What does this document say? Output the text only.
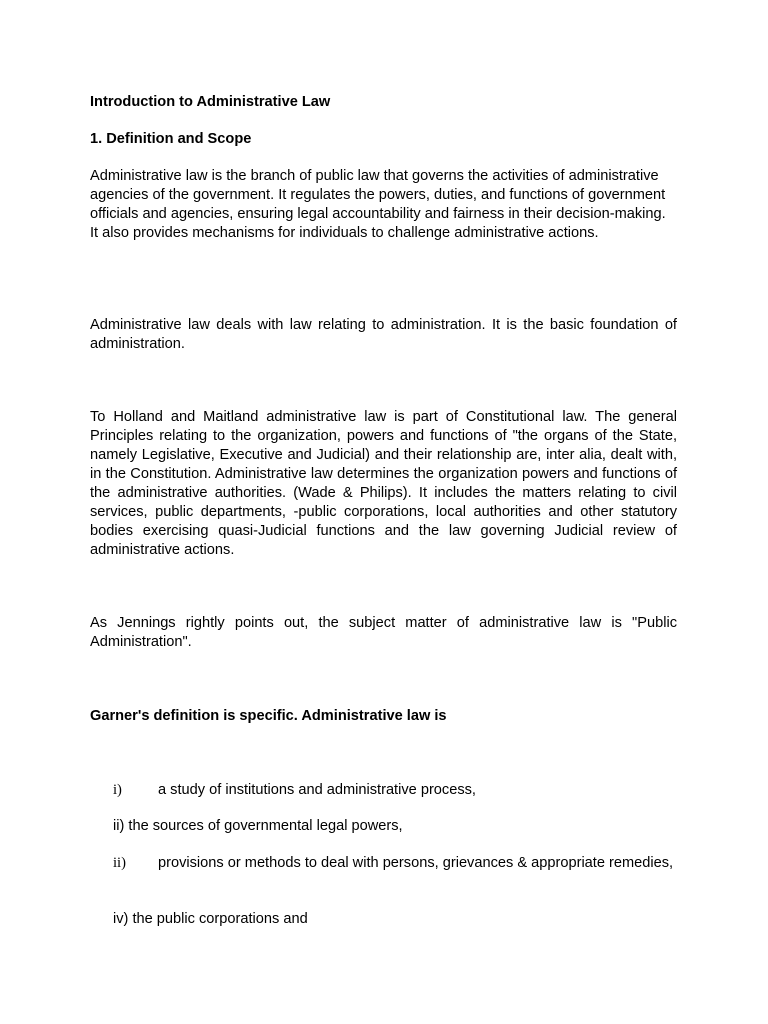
Introduction to Administrative Law
1. Definition and Scope

Administrative law is the branch of public law that governs the activities of administrative agencies of the government. It regulates the powers, duties, and functions of government officials and agencies, ensuring legal accountability and fairness in their decision-making. It also provides mechanisms for individuals to challenge administrative actions.

Administrative law deals with law relating to administration. It is the basic foundation of administration.

To Holland and Maitland administrative law is part of Constitutional law. The general Principles relating to the organization, powers and functions of "the organs of the State, namely Legislative, Executive and Judicial) and their relationship are, inter alia, dealt with, in the Constitution. Administrative law determines the organization powers and functions of the administrative authorities. (Wade & Philips). It includes the matters relating to civil services, public departments, -public corporations, local authorities and other statutory bodies exercising quasi-Judicial functions and the law governing Judicial review of administrative actions.

As Jennings rightly points out, the subject matter of administrative law is "Public Administration".

Garner's definition is specific. Administrative law is
i) a study of institutions and administrative process,
ii) the sources of governmental legal powers,
ii) provisions or methods to deal with persons, grievances & appropriate remedies,
iv) the public corporations and
